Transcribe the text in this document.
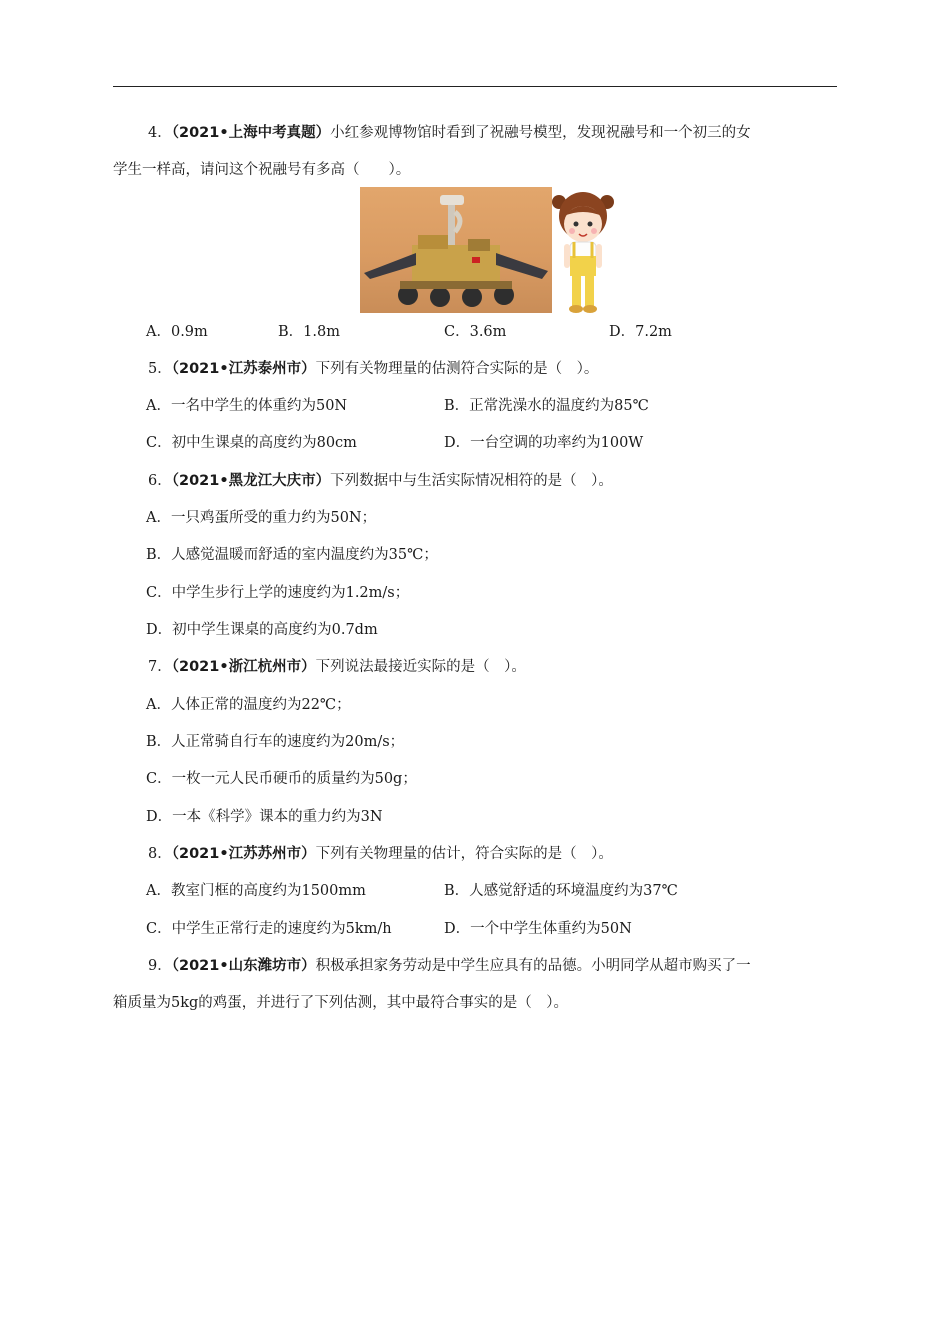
4．（2021•上海中考真题）小红参观博物馆时看到了祝融号模型，发现祝融号和一个初三的女
学生一样高，请问这个祝融号有多高（　　）。
A．0.9m	B．1.8m	C．3.6m	D．7.2m
5．（2021•江苏泰州市）下列有关物理量的估测符合实际的是（　）。
A．一名中学生的体重约为50N	B．正常洗澡水的温度约为85℃
C．初中生课桌的高度约为80cm	D．一台空调的功率约为100W
6．（2021•黑龙江大庆市）下列数据中与生活实际情况相符的是（　）。
A．一只鸡蛋所受的重力约为50N；
B．人感觉温暖而舒适的室内温度约为35℃；
C．中学生步行上学的速度约为1.2m/s；
D．初中学生课桌的高度约为0.7dm
7．（2021•浙江杭州市）下列说法最接近实际的是（　）。
A．人体正常的温度约为22℃；
B．人正常骑自行车的速度约为20m/s；
C．一枚一元人民币硬币的质量约为50g；
D．一本《科学》课本的重力约为3N
8．（2021•江苏苏州市）下列有关物理量的估计，符合实际的是（　）。
A．教室门框的高度约为1500mm	B．人感觉舒适的环境温度约为37℃
C．中学生正常行走的速度约为5km/h	D．一个中学生体重约为50N
9．（2021•山东潍坊市）积极承担家务劳动是中学生应具有的品德。小明同学从超市购买了一
箱质量为5kg的鸡蛋，并进行了下列估测，其中最符合事实的是（　）。
